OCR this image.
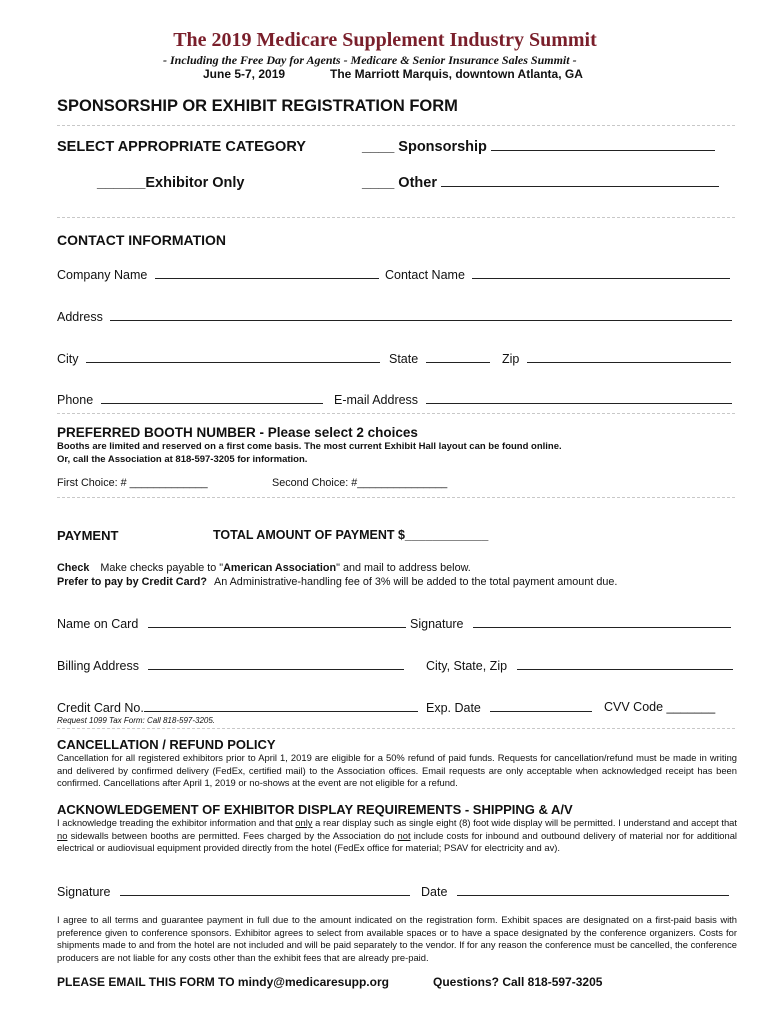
The 2019 Medicare Supplement Industry Summit
- Including the Free Day for Agents - Medicare & Senior Insurance Sales Summit -
June 5-7, 2019	The Marriott Marquis, downtown Atlanta, GA
SPONSORSHIP OR EXHIBIT REGISTRATION FORM
SELECT APPROPRIATE CATEGORY	____ Sponsorship
______Exhibitor Only	____ Other
CONTACT INFORMATION
Company Name	Contact Name
Address
City	State	Zip
Phone	E-mail Address
PREFERRED BOOTH NUMBER - Please select 2 choices
Booths are limited and reserved on a first come basis. The most current Exhibit Hall layout can be found online.
Or, call the Association at 818-597-3205 for information.
First Choice: # _____________	Second Choice: #_______________
PAYMENT	TOTAL AMOUNT OF PAYMENT $____________
Check Make checks payable to "American Association" and mail to address below.
Prefer to pay by Credit Card? An Administrative-handling fee of 3% will be added to the total payment amount due.
Name on Card	Signature
Billing Address	City, State, Zip
Credit Card No.	Exp. Date	CVV Code _______
Request 1099 Tax Form: Call 818-597-3205.
CANCELLATION / REFUND POLICY
Cancellation for all registered exhibitors prior to April 1, 2019 are eligible for a 50% refund of paid funds. Requests for cancellation/refund must be made in writing and delivered by confirmed delivery (FedEx, certified mail) to the Association offices. Email requests are only acceptable when acknowledged receipt has been confirmed. Cancellations after April 1, 2019 or no-shows at the event are not eligible for a refund.
ACKNOWLEDGEMENT OF EXHIBITOR DISPLAY REQUIREMENTS - SHIPPING & A/V
I acknowledge treading the exhibitor information and that only a rear display such as single eight (8) foot wide display will be permitted. I understand and accept that no sidewalls between booths are permitted. Fees charged by the Association do not include costs for inbound and outbound delivery of material nor for additional electrical or audiovisual equipment provided directly from the hotel (FedEx office for material; PSAV for electricity and av).
Signature	Date
I agree to all terms and guarantee payment in full due to the amount indicated on the registration form. Exhibit spaces are designated on a first-paid basis with preference given to conference sponsors. Exhibitor agrees to select from available spaces or to have a space designated by the conference organizers. Costs for shipments made to and from the hotel are not included and will be paid separately to the vendor. If for any reason the conference must be cancelled, the conference producers are not liable for any costs other than the exhibit fees that are already pre-paid.
PLEASE EMAIL THIS FORM TO mindy@medicaresupp.org	Questions? Call 818-597-3205
